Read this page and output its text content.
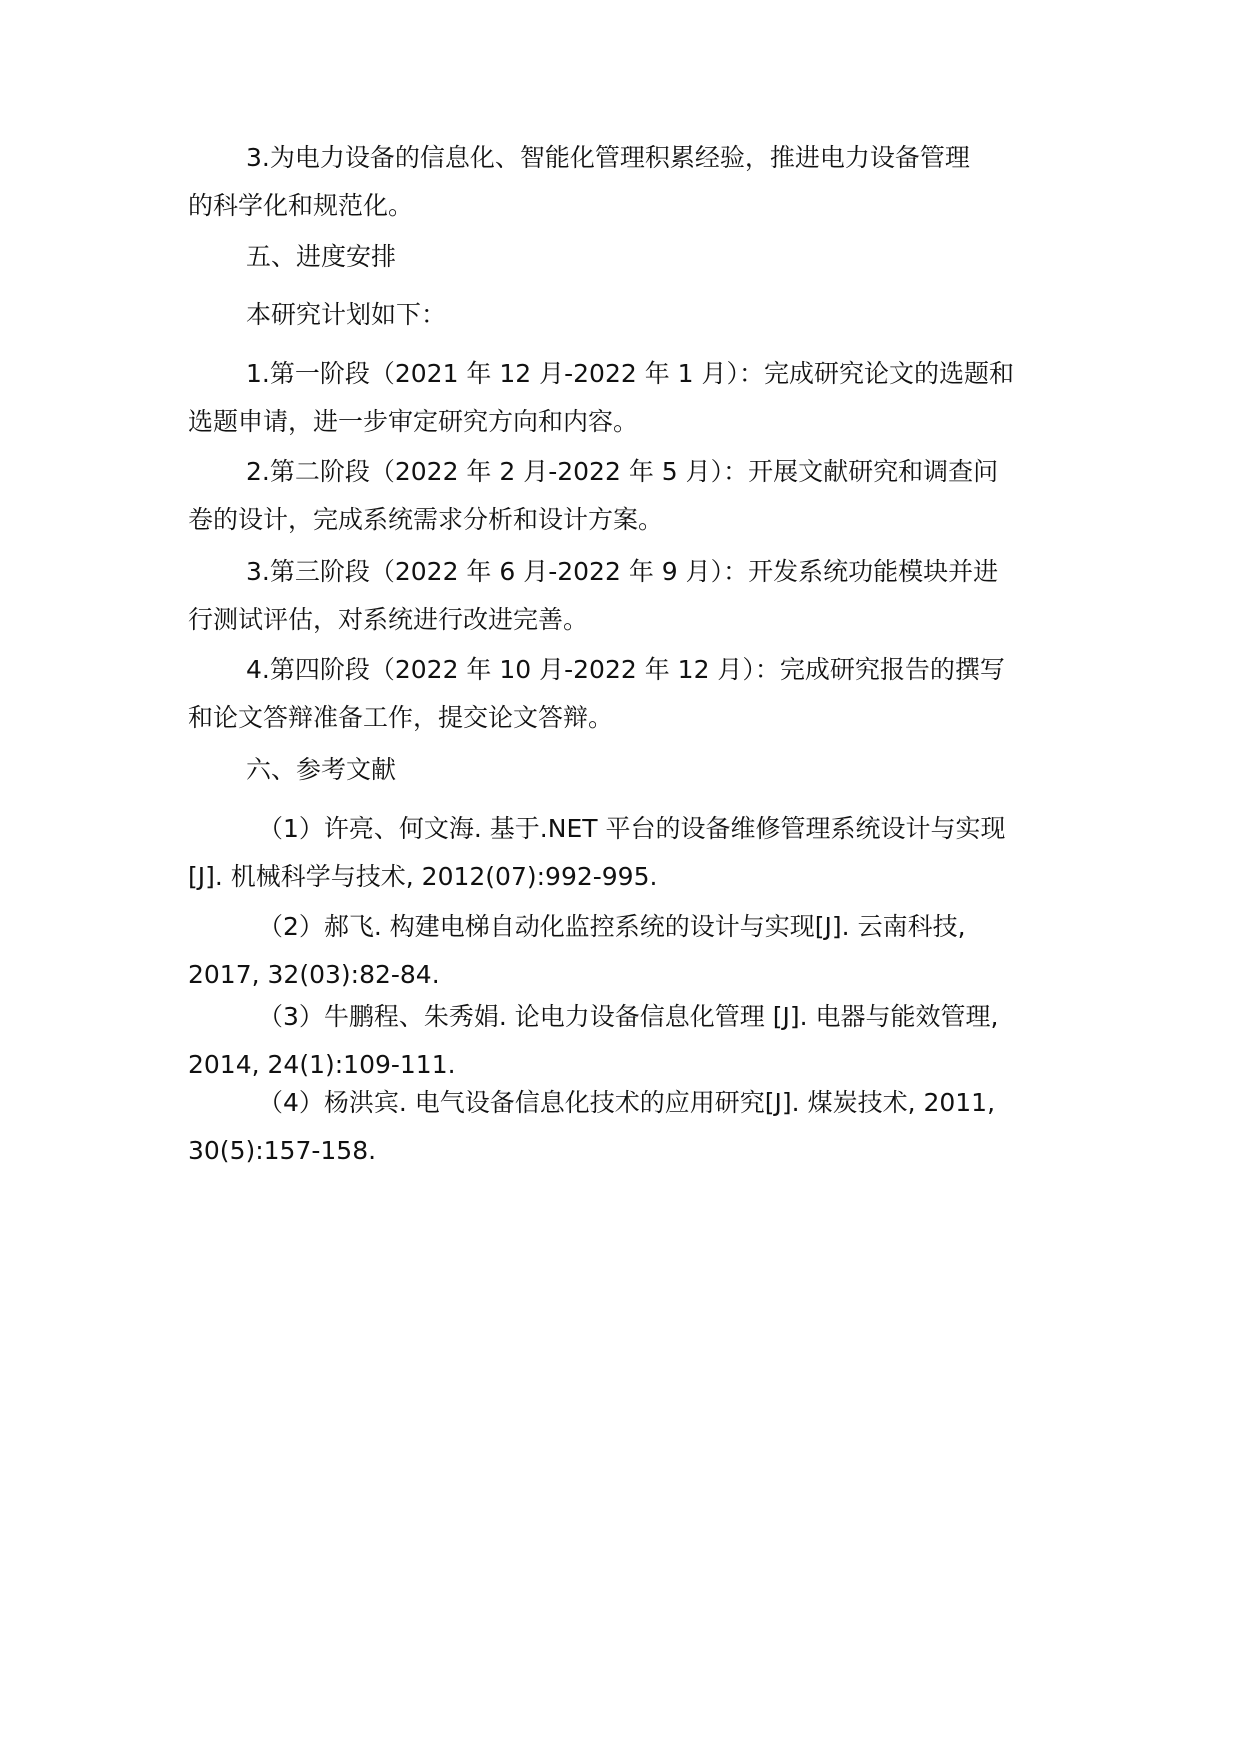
3.为电力设备的信息化、智能化管理积累经验，推进电力设备管理
的科学化和规范化。
五、进度安排
本研究计划如下：
1.第一阶段（2021 年 12 月-2022 年 1 月）：完成研究论文的选题和
选题申请，进一步审定研究方向和内容。
2.第二阶段（2022 年 2 月-2022 年 5 月）：开展文献研究和调查问
卷的设计，完成系统需求分析和设计方案。
3.第三阶段（2022 年 6 月-2022 年 9 月）：开发系统功能模块并进
行测试评估，对系统进行改进完善。
4.第四阶段（2022 年 10 月-2022 年 12 月）：完成研究报告的撰写
和论文答辩准备工作，提交论文答辩。
六、参考文献
（1）许亮、何文海. 基于.NET 平台的设备维修管理系统设计与实现
[J]. 机械科学与技术, 2012(07):992-995.
（2）郝飞. 构建电梯自动化监控系统的设计与实现[J]. 云南科技,
2017, 32(03):82-84.
（3）牛鹏程、朱秀娟. 论电力设备信息化管理 [J]. 电器与能效管理,
2014, 24(1):109-111.
（4）杨洪宾. 电气设备信息化技术的应用研究[J]. 煤炭技术, 2011,
30(5):157-158.
